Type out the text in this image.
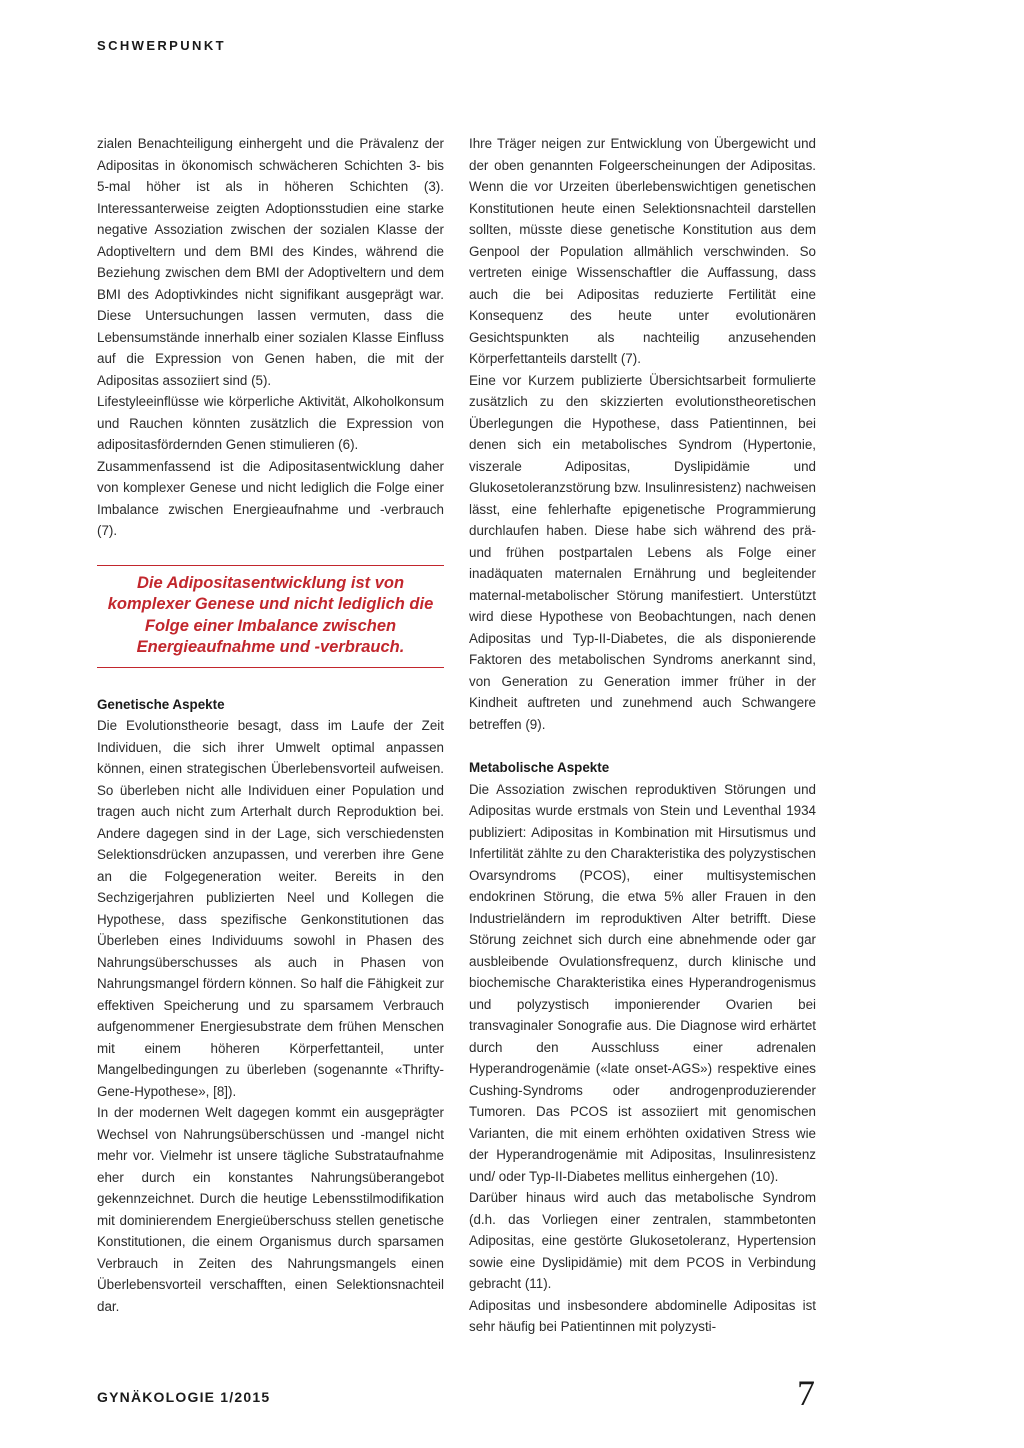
SCHWERPUNKT

zialen Benachteiligung einhergeht und die Prävalenz der Adipositas in ökonomisch schwächeren Schichten 3- bis 5-mal höher ist als in höheren Schichten (3). Interessanterweise zeigten Adoptionsstudien eine starke negative Assoziation zwischen der sozialen Klasse der Adoptiveltern und dem BMI des Kindes, während die Beziehung zwischen dem BMI der Adoptiveltern und dem BMI des Adoptivkindes nicht signifikant ausgeprägt war. Diese Untersuchungen lassen vermuten, dass die Lebensumstände innerhalb einer sozialen Klasse Einfluss auf die Expression von Genen haben, die mit der Adipositas assoziiert sind (5).

Lifestyleeinflüsse wie körperliche Aktivität, Alkoholkonsum und Rauchen könnten zusätzlich die Expression von adipositasfördernden Genen stimulieren (6).

Zusammenfassend ist die Adipositasentwicklung daher von komplexer Genese und nicht lediglich die Folge einer Imbalance zwischen Energieaufnahme und -verbrauch (7).

Die Adipositasentwicklung ist von komplexer Genese und nicht lediglich die Folge einer Imbalance zwischen Energieaufnahme und -verbrauch.
Genetische Aspekte

Die Evolutionstheorie besagt, dass im Laufe der Zeit Individuen, die sich ihrer Umwelt optimal anpassen können, einen strategischen Überlebensvorteil aufweisen. So überleben nicht alle Individuen einer Population und tragen auch nicht zum Arterhalt durch Reproduktion bei. Andere dagegen sind in der Lage, sich verschiedensten Selektionsdrücken anzupassen, und vererben ihre Gene an die Folgegeneration weiter. Bereits in den Sechzigerjahren publizierten Neel und Kollegen die Hypothese, dass spezifische Genkonstitutionen das Überleben eines Individuums sowohl in Phasen des Nahrungsüberschusses als auch in Phasen von Nahrungsmangel fördern können. So half die Fähigkeit zur effektiven Speicherung und zu sparsamem Verbrauch aufgenommener Energiesubstrate dem frühen Menschen mit einem höheren Körperfettanteil, unter Mangelbedingungen zu überleben (sogenannte «Thrifty-Gene-Hypothese», [8]).

In der modernen Welt dagegen kommt ein ausgeprägter Wechsel von Nahrungsüberschüssen und -mangel nicht mehr vor. Vielmehr ist unsere tägliche Substrataufnahme eher durch ein konstantes Nahrungsüberangebot gekennzeichnet. Durch die heutige Lebensstilmodifikation mit dominierendem Energieüberschuss stellen genetische Konstitutionen, die einem Organismus durch sparsamen Verbrauch in Zeiten des Nahrungsmangels einen Überlebensvorteil verschafften, einen Selektionsnachteil dar.

Ihre Träger neigen zur Entwicklung von Übergewicht und der oben genannten Folgeerscheinungen der Adipositas. Wenn die vor Urzeiten überlebenswichtigen genetischen Konstitutionen heute einen Selektionsnachteil darstellen sollten, müsste diese genetische Konstitution aus dem Genpool der Population allmählich verschwinden. So vertreten einige Wissenschaftler die Auffassung, dass auch die bei Adipositas reduzierte Fertilität eine Konsequenz des heute unter evolutionären Gesichtspunkten als nachteilig anzusehenden Körperfettanteils darstellt (7).

Eine vor Kurzem publizierte Übersichtsarbeit formulierte zusätzlich zu den skizzierten evolutionstheoretischen Überlegungen die Hypothese, dass Patientinnen, bei denen sich ein metabolisches Syndrom (Hypertonie, viszerale Adipositas, Dyslipidämie und Glukosetoleranzstörung bzw. Insulinresistenz) nachweisen lässt, eine fehlerhafte epigenetische Programmierung durchlaufen haben. Diese habe sich während des prä- und frühen postpartalen Lebens als Folge einer inadäquaten maternalen Ernährung und begleitender maternal-metabolischer Störung manifestiert. Unterstützt wird diese Hypothese von Beobachtungen, nach denen Adipositas und Typ-II-Diabetes, die als disponierende Faktoren des metabolischen Syndroms anerkannt sind, von Generation zu Generation immer früher in der Kindheit auftreten und zunehmend auch Schwangere betreffen (9).

Metabolische Aspekte

Die Assoziation zwischen reproduktiven Störungen und Adipositas wurde erstmals von Stein und Leventhal 1934 publiziert: Adipositas in Kombination mit Hirsutismus und Infertilität zählte zu den Charakteristika des polyzystischen Ovarsyndroms (PCOS), einer multisystemischen endokrinen Störung, die etwa 5% aller Frauen in den Industrieländern im reproduktiven Alter betrifft. Diese Störung zeichnet sich durch eine abnehmende oder gar ausbleibende Ovulationsfrequenz, durch klinische und biochemische Charakteristika eines Hyperandrogenismus und polyzystisch imponierender Ovarien bei transvaginaler Sonografie aus. Die Diagnose wird erhärtet durch den Ausschluss einer adrenalen Hyperandrogenämie («late onset-AGS») respektive eines Cushing-Syndroms oder androgenproduzierender Tumoren. Das PCOS ist assoziiert mit genomischen Varianten, die mit einem erhöhten oxidativen Stress wie der Hyperandrogenämie mit Adipositas, Insulinresistenz und/ oder Typ-II-Diabetes mellitus einhergehen (10).

Darüber hinaus wird auch das metabolische Syndrom (d.h. das Vorliegen einer zentralen, stammbetonten Adipositas, eine gestörte Glukosetoleranz, Hypertension sowie eine Dyslipidämie) mit dem PCOS in Verbindung gebracht (11).

Adipositas und insbesondere abdominelle Adipositas ist sehr häufig bei Patientinnen mit polyzysti-

GYNÄKOLOGIE 1/2015	7
